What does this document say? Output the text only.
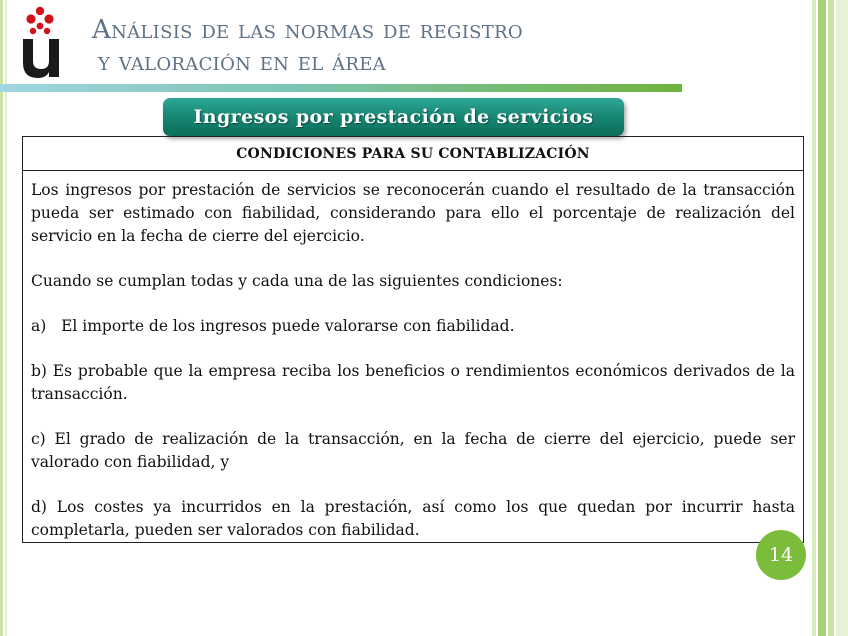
Análisis de las normas de registro
y valoración en el área
Ingresos por prestación de servicios
CONDICIONES PARA SU CONTABLIZACIÓN

Los ingresos por prestación de servicios se reconocerán cuando el resultado de la transacción pueda ser estimado con fiabilidad, considerando para ello el porcentaje de realización del servicio en la fecha de cierre del ejercicio.

Cuando se cumplan todas y cada una de las siguientes condiciones:

a)   El importe de los ingresos puede valorarse con fiabilidad.

b) Es probable que la empresa reciba los beneficios o rendimientos económicos derivados de la transacción.

c) El grado de realización de la transacción, en la fecha de cierre del ejercicio, puede ser valorado con fiabilidad, y

d) Los costes ya incurridos en la prestación, así como los que quedan por incurrir hasta completarla, pueden ser valorados con fiabilidad.

14
